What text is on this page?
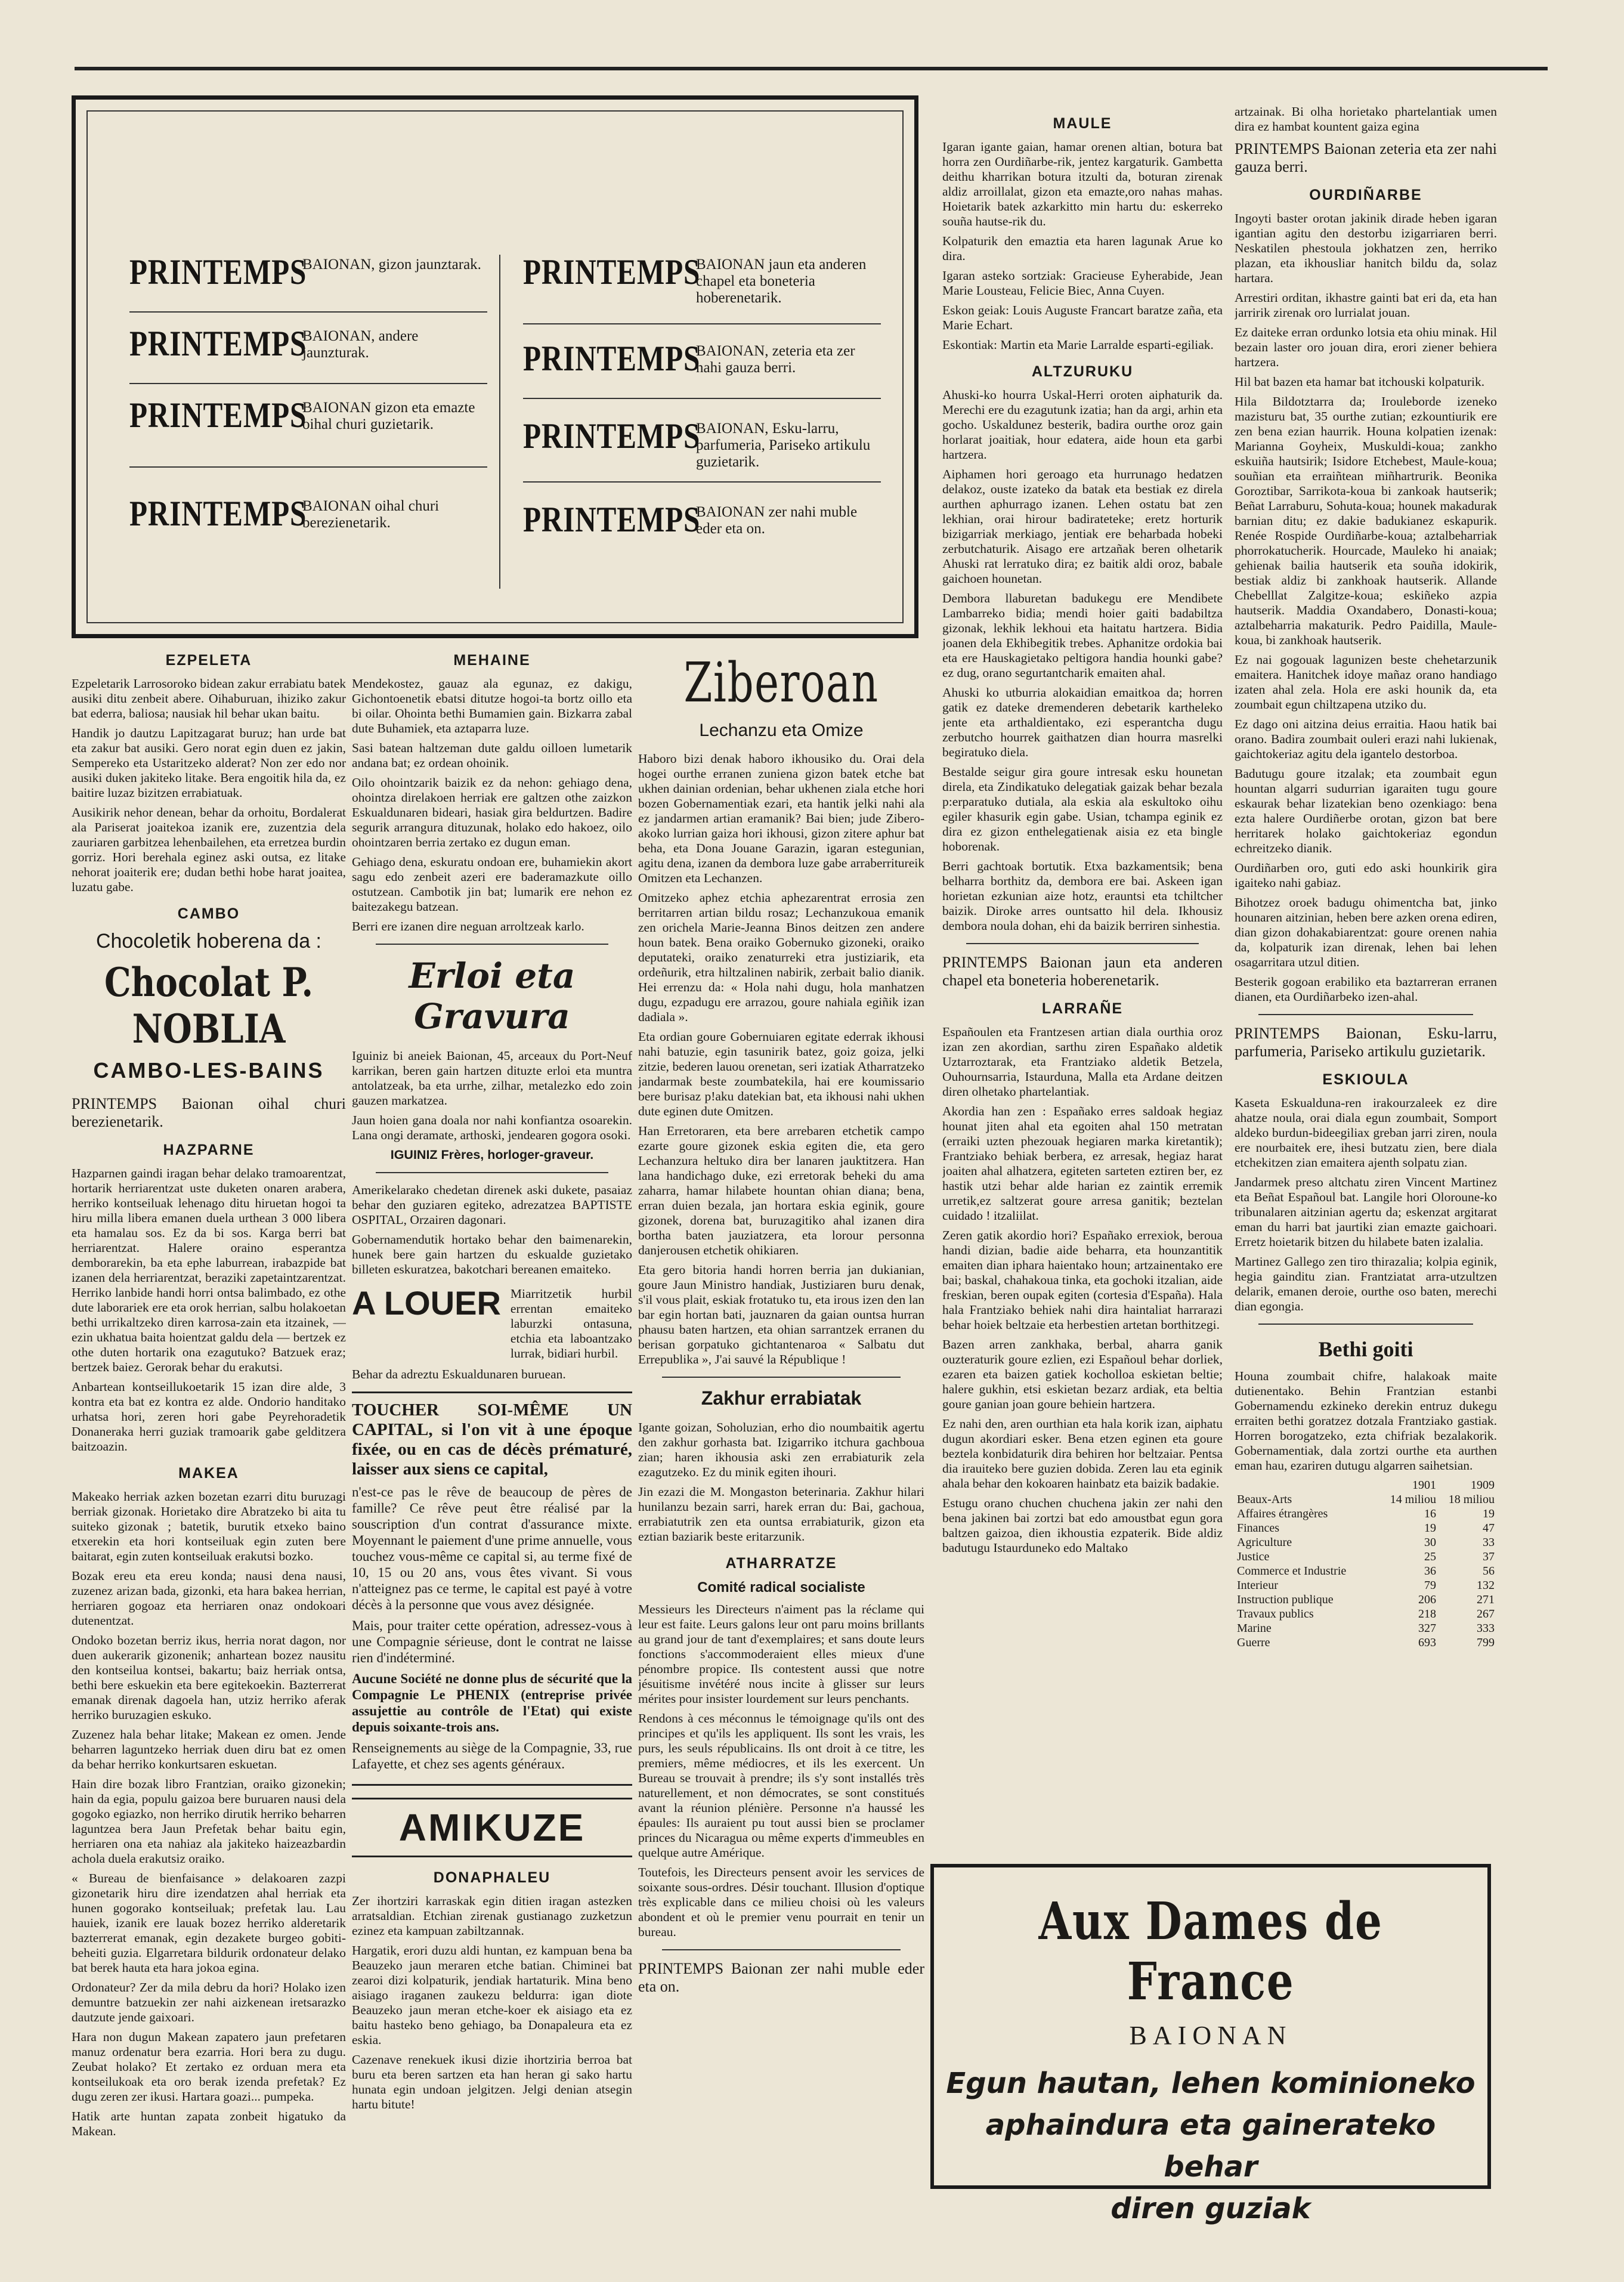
PRINTEMPS
BAIONAN, gizon jaunztarak.
PRINTEMPS
BAIONAN, andere jaunzturak.
PRINTEMPS
BAIONAN gizon eta emazte oihal churi guzietarik.
PRINTEMPS
BAIONAN oihal churi berezienetarik.
PRINTEMPS
BAIONAN jaun eta anderen chapel eta boneteria hoberenetarik.
PRINTEMPS
BAIONAN, zeteria eta zer nahi gauza berri.
PRINTEMPS
BAIONAN, Esku-larru, parfumeria, Pariseko artikulu guzietarik.
PRINTEMPS
BAIONAN zer nahi muble eder eta on.
EZPELETA

Ezpeletarik Larrosoroko bidean zakur errabiatu batek ausiki ditu zenbeit abere. Oihaburuan, ihiziko zakur bat ederra, baliosa; nausiak hil behar ukan baitu.

Handik jo dautzu Lapitzagarat buruz; han urde bat eta zakur bat ausiki. Gero norat egin duen ez jakin, Sempereko eta Ustaritzeko alderat? Non zer edo nor ausiki duken jakiteko litake. Bera engoitik hila da, ez baitire luzaz bizitzen errabiatuak.

Ausikirik nehor denean, behar da orhoitu, Bordalerat ala Pariserat joaitekoa izanik ere, zuzentzia dela zauriaren garbitzea lehenbailehen, eta erretzea burdin gorriz. Hori berehala eginez aski outsa, ez litake nehorat joaiterik ere; dudan bethi hobe harat joaitea, luzatu gabe.

CAMBO
Chocoletik hoberena da :
Chocolat P. NOBLIA
CAMBO-LES-BAINS

PRINTEMPS Baionan oihal churi berezienetarik.

HAZPARNE

Hazparnen gaindi iragan behar delako tramoarentzat, hortarik herriarentzat uste duketen onaren arabera, herriko kontseiluak lehenago ditu hiruetan hogoi ta hiru milla libera emanen duela urthean 3 000 libera eta hamalau sos. Ez da bi sos. Karga berri bat herriarentzat. Halere oraino esperantza demborarekin, ba eta ephe laburrean, irabazpide bat izanen dela herriarentzat, beraziki zapetaintzarentzat. Herriko lanbide handi horri ontsa balimbado, ez othe dute laborariek ere eta orok herrian, salbu holakoetan bethi urrikaltzeko diren karrosa-zain eta itzainek, — ezin ukhatua baita hoientzat galdu dela — bertzek ez othe duten hortarik ona ezagutuko? Batzuek eraz; bertzek baiez. Gerorak behar du erakutsi.

Anbartean kontseillukoetarik 15 izan dire alde, 3 kontra eta bat ez kontra ez alde. Ondorio handitako urhatsa hori, zeren hori gabe Peyrehoradetik Donaneraka herri guziak tramoarik gabe gelditzera baitzoazin.

MAKEA

Makeako herriak azken bozetan ezarri ditu buruzagi berriak gizonak. Horietako dire Abratzeko bi aita tu suiteko gizonak ; batetik, burutik etxeko baino etxerekin eta hori kontseiluak egin zuten bere baitarat, egin zuten kontseiluak erakutsi bozko.

Bozak ereu eta ereu konda; nausi dena nausi, zuzenez arizan bada, gizonki, eta hara bakea herrian, herriaren gogoaz eta herriaren onaz ondokoari dutenentzat.

Ondoko bozetan berriz ikus, herria norat dagon, nor duen aukerarik gizonenik; anhartean bozez nausitu den kontseilua kontsei, bakartu; baiz herriak ontsa, bethi bere eskuekin eta bere egitekoekin. Bazterrerat emanak direnak dagoela han, utziz herriko aferak herriko buruzagien eskuko.

Zuzenez hala behar litake; Makean ez omen. Jende beharren laguntzeko herriak duen diru bat ez omen da behar herriko konkurtsaren eskuetan.

Hain dire bozak libro Frantzian, oraiko gizonekin; hain da egia, populu gaizoa bere buruaren nausi dela gogoko egiazko, non herriko dirutik herriko beharren laguntzea bera Jaun Prefetak behar baitu egin, herriaren ona eta nahiaz ala jakiteko haizeazbardin achola duela erakutsiz oraiko.

« Bureau de bienfaisance » delakoaren zazpi gizonetarik hiru dire izendatzen ahal herriak eta hunen gogorako kontseiluak; prefetak lau. Lau hauiek, izanik ere lauak bozez herriko alderetarik bazterrerat emanak, egin dezakete burgeo gobiti-beheiti guzia. Elgarretara bildurik ordonateur delako bat berek hauta eta hara jokoa egina.

Ordonateur? Zer da mila debru da hori? Holako izen demuntre batzuekin zer nahi aizkenean iretsarazko dautzute jende gaixoari.

Hara non dugun Makean zapatero jaun prefetaren manuz ordenatur bera ezarria. Hori bera zu dugu. Zeubat holako? Et zertako ez orduan mera eta kontseilukoak eta oro berak izenda prefetak? Ez dugu zeren zer ikusi. Hartara goazi... pumpeka.

Hatik arte huntan zapata zonbeit higatuko da Makean.

MEHAINE

Mendekostez, gauaz ala egunaz, ez dakigu, Gichontoenetik ebatsi ditutze hogoi-ta bortz oillo eta bi oilar. Ohointa bethi Bumamien gain. Bizkarra zabal dute Buhamiek, eta aztaparra luze.

Sasi batean haltzeman dute galdu oilloen lumetarik andana bat; ez ordean ohoinik.

Oilo ohointzarik baizik ez da nehon: gehiago dena, ohointza direlakoen herriak ere galtzen othe zaizkon Eskualdunaren bideari, hasiak gira beldurtzen. Badire segurik arrangura dituzunak, holako edo hakoez, oilo ohointzaren berria zertako ez dugun eman.

Gehiago dena, eskuratu ondoan ere, buhamiekin akort sagu edo zenbeit azeri ere baderamazkute oillo ostutzean. Cambotik jin bat; lumarik ere nehon ez baitezakegu batzean.

Berri ere izanen dire neguan arroltzeak karlo.

Erloi eta Gravura

Iguiniz bi aneiek Baionan, 45, arceaux du Port-Neuf karrikan, beren gain hartzen dituzte erloi eta muntra antolatzeak, ba eta urrhe, zilhar, metalezko edo zoin gauzen markatzea.

Jaun hoien gana doala nor nahi konfiantza osoarekin. Lana ongi deramate, arthoski, jendearen gogora osoki.

IGUINIZ Frères, horloger-graveur.

Amerikelarako chedetan direnek aski dukete, pasaiaz behar den guziaren egiteko, adrezatzea BAPTISTE OSPITAL, Orzairen dagonari.

Gobernamendutik hortako behar den baimenarekin, hunek bere gain hartzen du eskualde guzietako billeten eskuratzea, bakotchari bereanen emaiteko.

A LOUER Miarritzetik hurbil errentan emaiteko laburzki ontasuna, etchia eta laboantzako lurrak, bidiari hurbil.

Behar da adreztu Eskualdunaren buruean.

TOUCHER SOI-MÊME UN CAPITAL, si l'on vit à une époque fixée, ou en cas de décès prématuré, laisser aux siens ce capital,

n'est-ce pas le rêve de beaucoup de pères de famille? Ce rêve peut être réalisé par la souscription d'un contrat d'assurance mixte. Moyennant le paiement d'une prime annuelle, vous touchez vous-même ce capital si, au terme fixé de 10, 15 ou 20 ans, vous êtes vivant. Si vous n'atteignez pas ce terme, le capital est payé à votre décès à la personne que vous avez désignée.

Mais, pour traiter cette opération, adressez-vous à une Compagnie sérieuse, dont le contrat ne laisse rien d'indéterminé.

Aucune Société ne donne plus de sécurité que la Compagnie Le PHENIX (entreprise privée assujettie au contrôle de l'Etat) qui existe depuis soixante-trois ans.

Renseignements au siège de la Compagnie, 33, rue Lafayette, et chez ses agents généraux.

AMIKUZE
DONAPHALEU

Zer ihortziri karraskak egin ditien iragan astezken arratsaldian. Etchian zirenak gustianago zuzketzun ezinez eta kampuan zabiltzannak.

Hargatik, erori duzu aldi huntan, ez kampuan bena ba Beauzeko jaun meraren etche batian. Chiminei bat zearoi dizi kolpaturik, jendiak hartaturik. Mina beno aisiago iraganen zaukezu beldurra: igan diote Beauzeko jaun meran etche-koer ek aisiago eta ez baitu hasteko beno gehiago, ba Donapaleura eta ez eskia.

Cazenave renekuek ikusi dizie ihortziria berroa bat buru eta beren sartzen eta han heran gi sako hartu hunata egin undoan jelgitzen. Jelgi denian atsegin hartu bitute!

Ziberoan
Lechanzu eta Omize

Haboro bizi denak haboro ikhousiko du. Orai dela hogei ourthe erranen zunienа gizon batek etche bat ukhen dainian ordenian, behar ukhenen ziala etche hori bozen Gobernamentiak ezari, eta hantik jelki nahi ala ez jandarmen artian eramanik? Bai bien; jude Zibero-akoko lurrian gaiza hori ikhousi, gizon zitere aphur bat beha, eta Dona Jouane Garazin, igaran estegunian, agitu dena, izanen da dembora luze gabe arraberritureik Omitzen eta Lechanzen.

Omitzeko aphez etchia aphezarentrat errosia zen berritarren artian bildu rosaz; Lechanzukoua emanik zen orichela Marie-Jeanna Binos deitzen zen andere houn batek. Bena oraiko Gobernuko gizoneki, oraiko deputateki, oraiko zenaturreki etra justiziarik, eta ordeñurik, etra hiltzalinen nabirik, zerbait balio dianik. Hei errenzu da: « Hola nahi dugu, hola manhatzen dugu, ezpadugu ere arrazou, goure nahiala egiñik izan dadiala ».

Eta ordian goure Gobernuiaren egitate ederrak ikhousi nahi batuzie, egin tasunirik batez, goiz goiza, jelki zitzie, bederen lauou orenetan, seri izatiak Atharratzeko jandarmak beste zoumbatekila, hai ere koumissario bere burisaz p!aku datekian bat, eta ikhousi nahi ukhen dute eginen dute Omitzen.

Han Erretoraren, eta bere arrebaren etchetik campo ezarte goure gizonek eskia egiten die, eta gero Lechanzura heltuko dira ber lanaren jauktitzera. Han lana handichago duke, ezi erretorak beheki du ama zaharra, hamar hilabete hountan ohian diana; bena, erran duien bezala, jan hortara eskia eginik, goure gizonek, dorena bat, buruzagitiko ahal izanen dira bortha baten jauziatzera, eta lorour personna danjerousen etchetik ohikiaren.

Eta gero bitoria handi horren berria jan dukianian, goure Jaun Ministro handiak, Justiziaren buru denak, s'il vous plait, eskiak frotatuko tu, eta irous izen den lan bar egin hortan bati, jauznaren da gaian ountsa hurran phausu baten hartzen, eta ohian sarrantzek erranen du berisan gorpatuko gichtantenaroa « Salbatu dut Errepublika », J'ai sauvé la République !

Zakhur errabiatak

Igante goizan, Soholuzian, erho dio noumbaitik agertu den zakhur gorhasta bat. Izigarriko itchura gachboua zian; haren ikhousia aski zen errabiaturik zela ezagutzeko. Ez du minik egiten ihouri.

Jin ezazi die M. Mongaston beterinaria. Zakhur hilari hunilanzu bezain sarri, harek erran du: Bai, gachoua, errabiatutrik zen eta ountsa errabiaturik, gizon eta eztian baziarik beste eritarzunik.

ATHARRATZE
Comité radical socialiste

Messieurs les Directeurs n'aiment pas la réclame qui leur est faite. Leurs galons leur ont paru moins brillants au grand jour de tant d'exemplaires; et sans doute leurs fonctions s'accommoderaient elles mieux d'une pénombre propice. Ils contestent aussi que notre jésuitisme invétéré nous incite à glisser sur leurs mérites pour insister lourdement sur leurs penchants.

Rendons à ces méconnus le témoignage qu'ils ont des principes et qu'ils les appliquent. Ils sont les vrais, les purs, les seuls républicains. Ils ont droit à ce titre, les premiers, même médiocres, et ils les exercent. Un Bureau se trouvait à prendre; ils s'y sont installés très naturellement, et non démocrates, se sont constitués avant la réunion plénière. Personne n'a haussé les épaules: Ils auraient pu tout aussi bien se proclamer princes du Nicaragua ou même experts d'immeubles en quelque autre Amérique.

Toutefois, les Directeurs pensent avoir les services de soixante sous-ordres. Désir touchant. Illusion d'optique très explicable dans ce milieu choisi où les valeurs abondent et où le premier venu pourrait en tenir un bureau.

PRINTEMPS Baionan zer nahi muble eder eta on.

MAULE

Igaran igante gaian, hamar orenen altian, botura bat horra zen Ourdiñarbe-rik, jentez kargaturik. Gambetta deithu kharrikan botura itzulti da, boturan zirenak aldiz arroillalat, gizon eta emazte,oro nahas mahas. Hoietarik batek azkarkitto min hartu du: eskerreko souña hautse-rik du.

Kolpaturik den emaztia eta haren lagunak Arue ko dira.

Igaran asteko sortziak: Gracieuse Eyherabide, Jean Marie Lousteau, Felicie Biec, Anna Cuyen.

Eskon geiak: Louis Auguste Francart baratze zaña, eta Marie Echart.

Eskontiak: Martin eta Marie Larralde esparti-egiliak.

ALTZURUKU

Ahuski-ko hourra Uskal-Herri oroten aiphaturik da. Merechi ere du ezagutunk izatia; han da argi, arhin eta gocho. Uskaldunez besterik, badira ourthe oroz gain horlarat joaitiak, hour edatera, aide houn eta garbi hartzera.

Aiphamen hori geroago eta hurrunago hedatzen delakoz, ouste izateko da batak eta bestiak ez direla aurthen aphurrago izanen. Lehen ostatu bat zen lekhian, orai hirour badirateteke; eretz horturik bizigarriak merkiago, jentiak ere beharbada hobeki zerbutchaturik. Aisago ere artzañak beren olhetarik Ahuski rat lerratuko dira; ez baitik aldi oroz, babale gaichoen hounetan.

Dembora llaburetan badukegu ere Mendibete Lambarreko bidia; mendi hoier gaiti badabiltza gizonak, lekhik lekhoui eta haitatu hartzera. Bidia joanen dela Ekhibegitik trebes. Aphanitze ordokia bai eta ere Hauskagietako peltigora handia hounki gabe? ez dug, orano segurtantcharik emaiten ahal.

Ahuski ko utburria alokaidian emaitkoa da; horren gatik ez dateke dremenderen debetarik kartheleko jente eta arthaldientako, ezi esperantcha dugu zerbutcho hourrek gaithatzen dian hourra masrelki begiratuko diela.

Bestalde seigur gira goure intresak esku hounetan direla, eta Zindikatuko delegatiak gaizak behar bezala p:erparatuko dutiala, ala eskia ala eskultoko oihu egiler khasurik egin gabe. Usian, tchampa eginik ez dira ez gizon enthelegatienak aisia ez eta bingle hoborenak.

Berri gachtoak bortutik. Etxa bazkamentsik; bena belharra borthitz da, dembora ere bai. Askeen igan horietan ezkunian aize hotz, erauntsi eta tchiltcher baizik. Diroke arres ountsatto hil dela. Ikhousiz dembora noula dohan, ehi da baizik berriren sinhestia.

PRINTEMPS Baionan jaun eta anderen chapel eta boneteria hoberenetarik.

LARRAÑE

Españoulen eta Frantzesen artian diala ourthia oroz izan zen akordian, sarthu ziren Españako aldetik Uztarroztarak, eta Frantziako aldetik Betzela, Ouhournsarria, Istaurduna, Malla eta Ardane deitzen diren olhetako phartelantiak.

Akordia han zen : Españako erres saldoak hegiaz hounat jiten ahal eta egoiten ahal 150 metratan (erraiki uzten phezouak hegiaren marka kiretantik); Frantziako behiak berbera, ez arresak, hegiaz harat joaiten ahal alhatzera, egiteten sarteten eztiren ber, ez hastik utzi behar alde harian ez zaintik erremik urretik,ez saltzerat goure arresa ganitik; beztelan cuidado ! itzaliilat.

Zeren gatik akordio hori? Españako errexiok, beroua handi dizian, badie aide beharra, eta hounzantitik emaiten dian iphara haientako houn; artzainentako ere bai; baskal, chahakoua tinka, eta gochoki itzalian, aide freskian, beren oupak egiten (cortesia d'España). Hala hala Frantziako behiek nahi dira haintaliat harrarazi behar hoiek beltzaie eta herbestien artetan borthitzegi.

Bazen arren zankhaka, berbal, aharra ganik ouzteraturik goure ezlien, ezi Españoul behar dorliek, ezaren eta baizen gatiek kocholloa eskietan beltie; halere gukhin, etsi eskietan bezarz ardiak, eta beltia goure ganian joan goure behiein hartzera.

Ez nahi den, aren ourthian eta hala korik izan, aiphatu dugun akordiari esker. Bena etzen eginen eta goure beztela konbidaturik dira behiren hor beltzaiar. Pentsa dia irauiteko bere guzien dobida. Zeren lau eta eginik ahala behar den kokoaren hainbatz eta baizik badakie.

Estugu orano chuchen chuchena jakin zer nahi den bena jakinen bai zortzi bat edo amoustbat egun gora baltzen gaizoa, dien ikhoustia ezpaterik. Bide aldiz badutugu Istaurduneko edo Maltako

artzainak. Bi olha horietako phartelantiak umen dira ez hambat kountent gaiza egina

PRINTEMPS Baionan zeteria eta zer nahi gauza berri.

OURDIÑARBE

Ingoyti baster orotan jakinik dirade heben igaran igantian agitu den destorbu izigarriaren berri. Neskatilen phestoula jokhatzen zen, herriko plazan, eta ikhousliar hanitch bildu da, solaz hartara.

Arrestiri orditan, ikhastre gainti bat eri da, eta han jarririk zirenak oro lurrialat jouan.

Ez daiteke erran ordunko lotsia eta ohiu minak. Hil bezain laster oro jouan dira, erori ziener behiera hartzera.

Hil bat bazen eta hamar bat itchouski kolpaturik.

Hila Bildotztarra da; Irouleborde izeneko mazisturu bat, 35 ourthe zutian; ezkountiurik ere zen bena ezian haurrik. Houna kolpatien izenak: Marianna Goyheix, Muskuldi-koua; zankho eskuiña hautsirik; Isidore Etchebest, Maule-koua; souñian eta erraiñtean miñhartrurik. Beonika Goroztibar, Sarrikota-koua bi zankoak hautserik; Beñat Larraburu, Sohuta-koua; hounek makadurak barnian ditu; ez dakie badukianez eskapurik. Renée Rospide Ourdiñarbe-koua; aztalbeharriak phorrokatucherik. Hourcade, Mauleko hi anaiak; gehienak bailia hautserik eta souña idokirik, bestiak aldiz bi zankhoak hautserik. Allande Chebelllat Zalgitze-koua; eskiñeko azpia hautserik. Maddia Oxandabero, Donasti-koua; aztalbeharria makaturik. Pedro Paidilla, Maule-koua, bi zankhoak hautserik.

Ez nai gogouak lagunizen beste chehetarzunik emaitera. Hanitchek idoye mañaz orano handiago izaten ahal zela. Hola ere aski hounik da, eta zoumbait egun chiltzapena utziko du.

Ez dago oni aitzina deius erraitia. Haou hatik bai orano. Badira zoumbait ouleri erazi nahi lukienak, gaichtokeriaz agitu dela igantelo destorboa.

Badutugu goure itzalak; eta zoumbait egun hountan algarri sudurrian igaraiten tugu goure eskaurak behar lizatekian beno ozenkiago: bena ezta halere Ourdiñerbe orotan, gizon bat bere herritarek holako gaichtokeriaz egondun echreitzeko dianik.

Ourdiñarben oro, guti edo aski hounkirik gira igaiteko nahi gabiaz.

Bihotzez oroek badugu ohimentcha bat, jinko hounaren aitzinian, heben bere azken orena ediren, dian gizon dohakabiarentzat: goure orenen nahia da, kolpaturik izan direnak, lehen bai lehen osagarritara utzul ditien.

Besterik gogoan erabiliko eta baztarreran erranen dianen, eta Ourdiñarbeko izen-ahal.

PRINTEMPS Baionan, Esku-larru, parfumeria, Pariseko artikulu guzietarik.

ESKIOULA

Kaseta Eskualduna-ren irakourzaleek ez dire ahatze noula, orai diala egun zoumbait, Somport aldeko burdun-bideegiliax greban jarri ziren, noula ere nourbaitek ere, ihesi butzatu zien, bere diala etchekitzen zian emaitera ajenth solpatu zian.

Jandarmek preso altchatu ziren Vincent Martinez eta Beñat Españoul bat. Langile hori Oloroune-ko tribunalaren aitzinian agertu da; eskenzat argitarat eman du harri bat jaurtiki zian emazte gaichoari. Erretz hoietarik bitzen du hilabete baten izalalia.

Martinez Gallego zen tiro thirazalia; kolpia eginik, hegia gainditu zian. Frantziatat arra-utzultzen delarik, emanen deroie, ourthe oso baten, merechi dian egongia.

Bethi goiti

Houna zoumbait chifre, halakoak maite dutienentako. Behin Frantzian estanbi Gobernamendu ezkineko derekin entruz dukegu erraiten bethi goratzez dotzala Frantziako gastiak. Horren borogatzeko, ezta chifriak bezalakorik. Gobernamentiak, dala zortzi ourthe eta aurthen eman hau, ezariren dutugu algarren saihetsian.

	1901	1909
Beaux-Arts	14 miliou	18 miliou
Affaires étrangères	16	19
Finances	19	47
Agriculture	30	33
Justice	25	37
Commerce et Industrie	36	56
Interieur	79	132
Instruction publique	206	271
Travaux publics	218	267
Marine	327	333
Guerre	693	799
Aux Dames de France
BAIONAN
Egun hautan, lehen kominioneko
aphaindura eta gainerateko behar
diren guziak
